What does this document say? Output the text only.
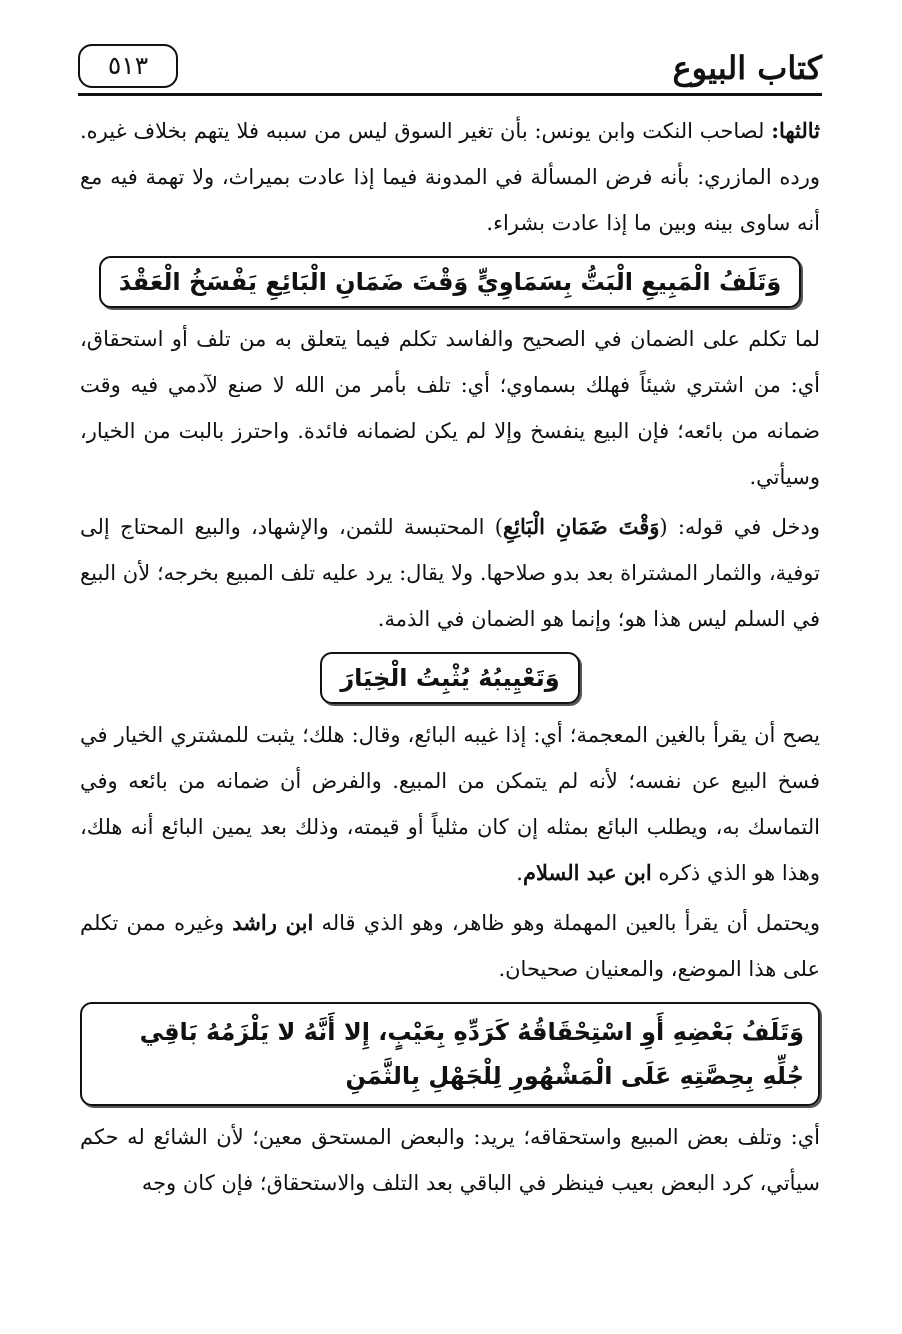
كتاب البيوع
٥١٣

ثالثها: لصاحب النكت وابن يونس: بأن تغير السوق ليس من سببه فلا يتهم بخلاف غيره. ورده المازري: بأنه فرض المسألة في المدونة فيما إذا عادت بميراث، ولا تهمة فيه مع أنه ساوى بينه وبين ما إذا عادت بشراء.

وَتَلَفُ الْمَبِيعِ الْبَتُّ بِسَمَاوِيٍّ وَقْتَ ضَمَانِ الْبَائِعِ يَفْسَخُ الْعَقْدَ

لما تكلم على الضمان في الصحيح والفاسد تكلم فيما يتعلق به من تلف أو استحقاق، أي: من اشتري شيئاً فهلك بسماوي؛ أي: تلف بأمر من الله لا صنع لآدمي فيه وقت ضمانه من بائعه؛ فإن البيع ينفسخ وإلا لم يكن لضمانه فائدة. واحترز بالبت من الخيار، وسيأتي.

ودخل في قوله: (وَقْتَ ضَمَانِ الْبَائِعِ) المحتبسة للثمن، والإشهاد، والبيع المحتاج إلى توفية، والثمار المشتراة بعد بدو صلاحها. ولا يقال: يرد عليه تلف المبيع بخرجه؛ لأن البيع في السلم ليس هذا هو؛ وإنما هو الضمان في الذمة.

وَتَعْيِيبُهُ يُثْبِتُ الْخِيَارَ

يصح أن يقرأ بالغين المعجمة؛ أي: إذا غيبه البائع، وقال: هلك؛ يثبت للمشتري الخيار في فسخ البيع عن نفسه؛ لأنه لم يتمكن من المبيع. والفرض أن ضمانه من بائعه وفي التماسك به، ويطلب البائع بمثله إن كان مثلياً أو قيمته، وذلك بعد يمين البائع أنه هلك، وهذا هو الذي ذكره ابن عبد السلام.

ويحتمل أن يقرأ بالعين المهملة وهو ظاهر، وهو الذي قاله ابن راشد وغيره ممن تكلم على هذا الموضع، والمعنيان صحيحان.

وَتَلَفُ بَعْضِهِ أَوِ اسْتِحْقَاقُهُ كَرَدِّهِ بِعَيْبٍ، إِلا أَنَّهُ لا يَلْزَمُهُ بَاقِي جُلِّهِ بِحِصَّتِهِ عَلَى الْمَشْهُورِ لِلْجَهْلِ بِالثَّمَنِ

أي: وتلف بعض المبيع واستحقاقه؛ يريد: والبعض المستحق معين؛ لأن الشائع له حكم سيأتي، كرد البعض بعيب فينظر في الباقي بعد التلف والاستحقاق؛ فإن كان وجه
